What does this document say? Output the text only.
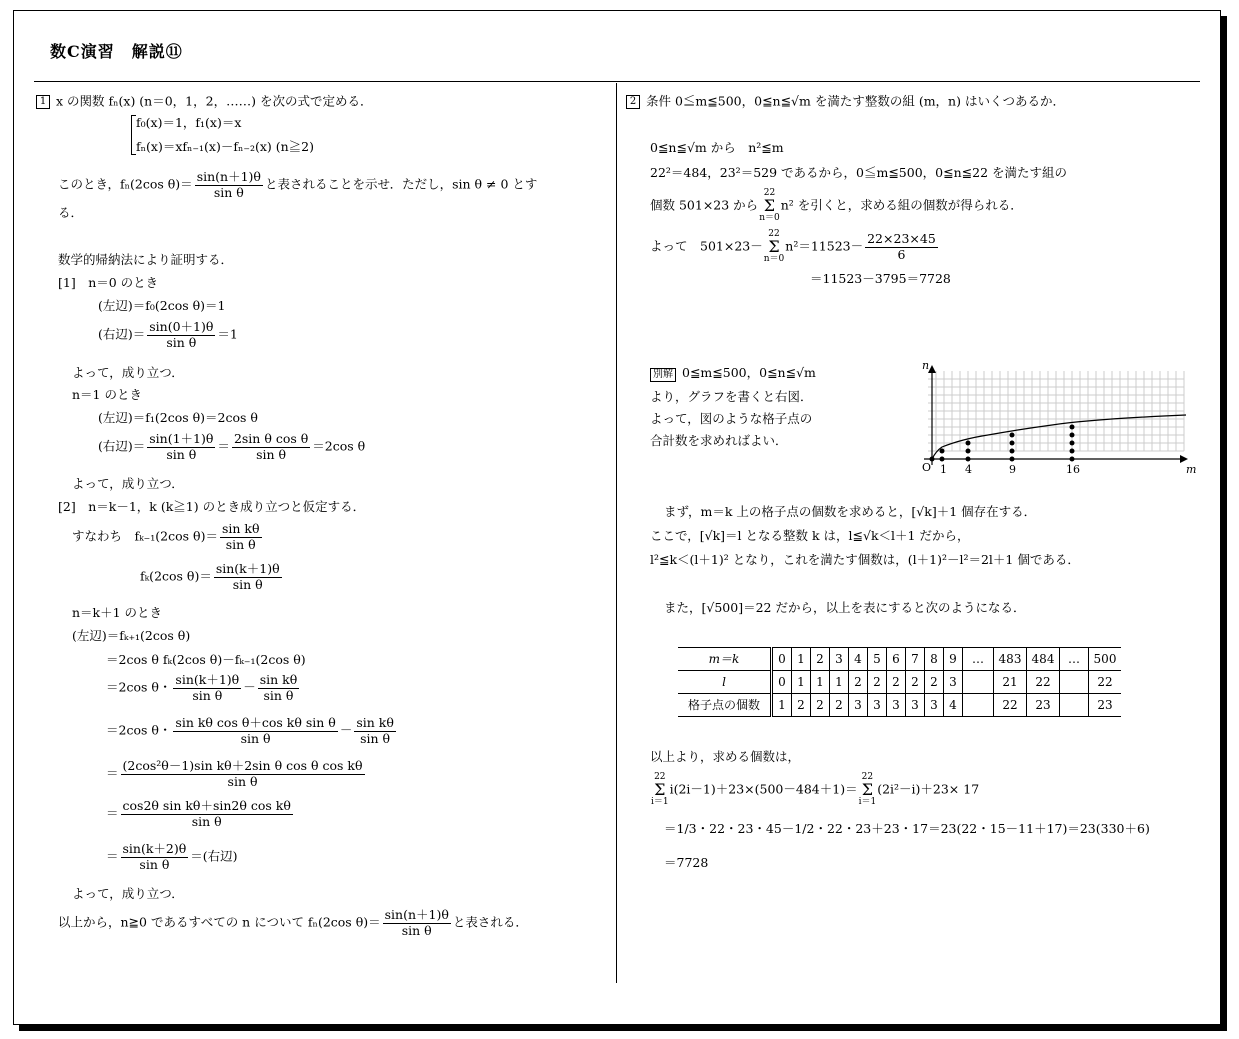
数C演習　解説⑪
1 x の関数 fₙ(x) (n＝0，1，2，……) を次の式で定める．
f₀(x)＝1，f₁(x)＝x
fₙ(x)＝xfₙ₋₁(x)－fₙ₋₂(x) (n≧2)
このとき，fₙ(2cos $\theta)= \frac{\sin(n+1)\theta}{\text{sin θ}}$ と表されることを示せ．ただし，sin θ ≠ 0 とす
る．
数学的帰納法により証明する．
[1]　n＝0 のとき
(左辺)＝f₀(2cos θ)＝1
(右辺)＝ $\frac{\sin(0+1)\theta}{\text{sin θ}} =1$
よって，成り立つ．
n＝1 のとき
(左辺)＝f₁(2cos θ)＝2cos θ
(右辺)＝ $\frac{\sin(1+1)\theta}{\text{sin θ}} = \frac{\text{2sin θ cos θ}}{\text{sin θ}} =2\cos$ θ
よって，成り立つ．
[2]　n＝k－1，k (k≧1) のとき成り立つと仮定する．
すなわち　fₖ₋₁(2cos $\theta)= \frac{\text{sin kθ}}{\text{sin θ}}$
fₖ(2cos $\theta)= \frac{\sin(k+1)\theta}{\text{sin θ}}$
n＝k＋1 のとき
(左辺)＝fₖ₊₁(2cos θ)
＝2cos θ fₖ(2cos θ)－fₖ₋₁(2cos θ)
＝2cos θ・ $\frac{\sin(k+1)\theta}{\text{sin θ}} - \frac{\text{sin kθ}}{\text{sin θ}}$
＝2cos θ・ $\frac{\text{sin kθ cos θ＋cos kθ sin θ}}{\text{sin θ}} - \frac{\text{sin kθ}}{\text{sin θ}}$
＝ $\frac{\text{(2cos²θ－1)sin kθ＋2sin θ cos θ cos kθ}}{\text{sin θ}}$
＝ $\frac{\text{cos2θ sin kθ＋sin2θ cos kθ}}{\text{sin θ}}$
＝ $\frac{\sin(k+2)\theta}{\text{sin θ}}$ ＝(右辺)
よって，成り立つ．
以上から，n≧0 であるすべての n について fₙ(2cos $\theta)= \frac{\sin(n+1)\theta}{\text{sin θ}}$ と表される．
2 条件 0≦m≦500，0≦n≦√m を満たす整数の組 (m，n) はいくつあるか．
0≦n≦√m から　n²≦m
22²＝484，23²＝529 であるから，0≦m≦500，0≦n≦22 を満たす組の
個数 501×23 から
22
Σ
n＝0
n² を引くと，求める組の個数が得られる．
よって　501×23－
22
Σ
n＝0
$n^2=11523- \frac{22\times 23\times 45}{6}$
＝11523－3795＝7728
別解 0≦m≦500，0≦n≦√m
より，グラフを書くと右図．
よって，図のような格子点の
合計数を求めればよい．
n
m
O 1 4	9	16
まず，m＝k 上の格子点の個数を求めると，[√k]＋1 個存在する．
ここで，[√k]＝l となる整数 k は，l≦√k＜l＋1 だから，
l²≦k＜(l＋1)² となり，これを満たす個数は，(l＋1)²－l²＝2l＋1 個である．
また，[√500]＝22 だから，以上を表にすると次のようになる．
m＝k	0	1	2	3	4	5	6	7	8	9	…	483	484	…	500
l	0	1	1	1	2	2	2	2	2	3		21	22		22
格子点の個数	1	2	2	2	3	3	3	3	3	4		22	23		23
以上より，求める個数は，
22
Σ
i＝1
i(2i－1)＋23×(500－484＋1)＝
22
Σ
i＝1
(2i²－i)＋23× 17
＝1/3・22・23・45－1/2・22・23＋23・17＝23(22・15－11＋17)＝23(330＋6)
＝7728
